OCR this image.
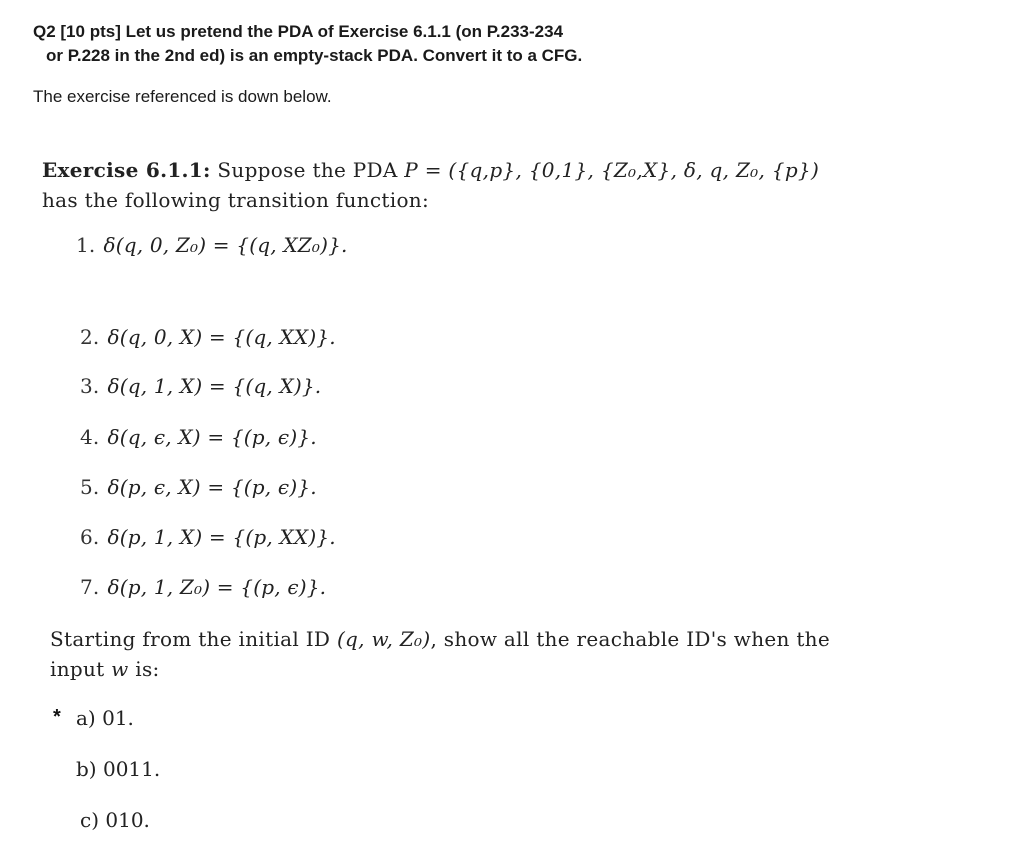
Q2 [10 pts] Let us pretend the PDA of Exercise 6.1.1 (on P.233-234
or P.228 in the 2nd ed) is an empty-stack PDA. Convert it to a CFG.
The exercise referenced is down below.
Exercise 6.1.1: Suppose the PDA P = ({q,p}, {0,1}, {Z₀,X}, δ, q, Z₀, {p})
has the following transition function:
1. δ(q, 0, Z₀) = {(q, XZ₀)}.
2. δ(q, 0, X) = {(q, XX)}.
3. δ(q, 1, X) = {(q, X)}.
4. δ(q, ϵ, X) = {(p, ϵ)}.
5. δ(p, ϵ, X) = {(p, ϵ)}.
6. δ(p, 1, X) = {(p, XX)}.
7. δ(p, 1, Z₀) = {(p, ϵ)}.
Starting from the initial ID (q, w, Z₀), show all the reachable ID's when the
input w is:
* a) 01.
b) 0011.
c) 010.
